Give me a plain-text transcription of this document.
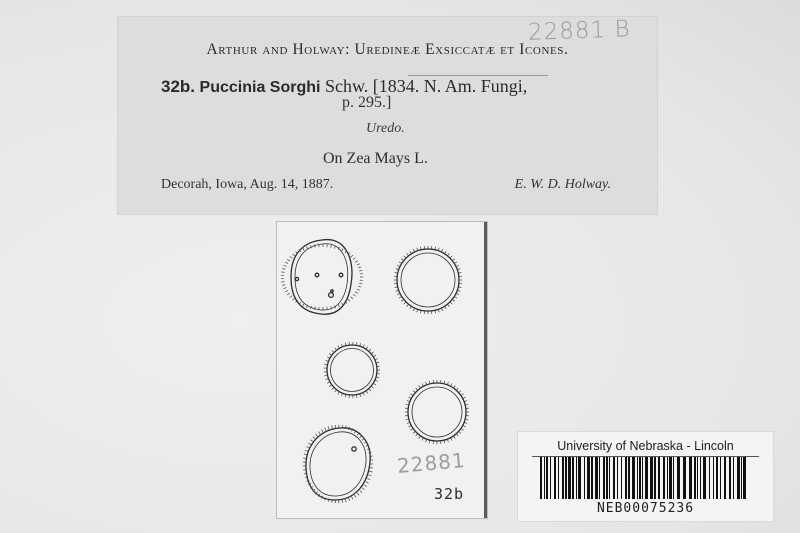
22881 B
Arthur and Holway: Uredineæ Exsiccatæ et Icones.
32b. Puccinia Sorghi Schw. [1834. N. Am. Fungi,
p. 295.]
Uredo.
On Zea Mays L.
Decorah, Iowa, Aug. 14, 1887.	E. W. D. Holway.
22881
32b
University of Nebraska - Lincoln
NEB00075236
